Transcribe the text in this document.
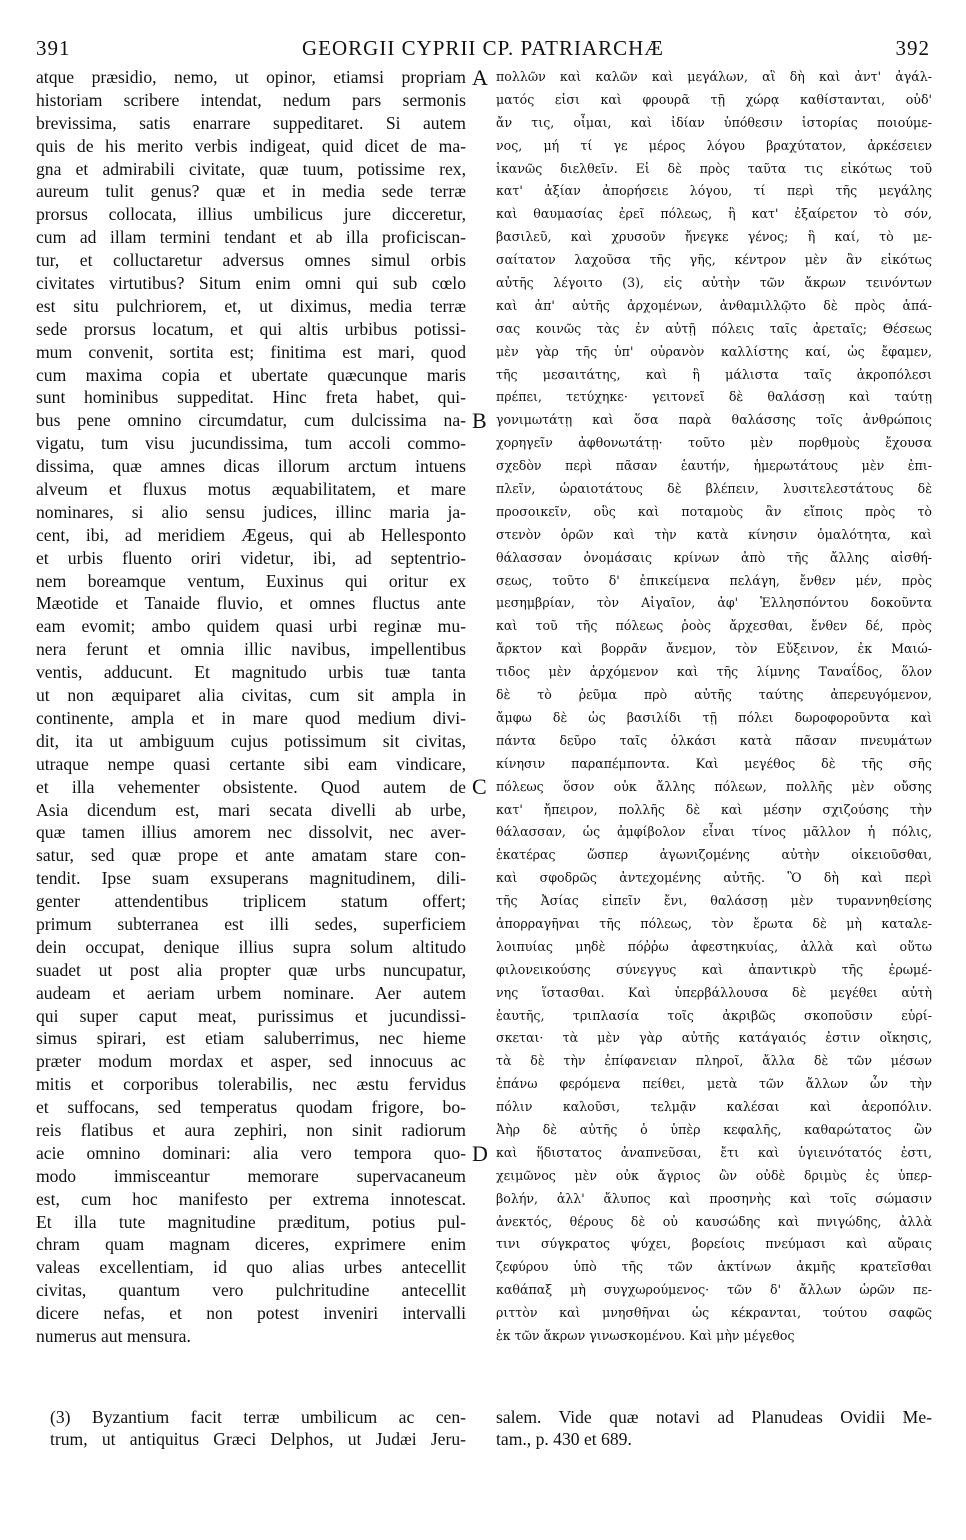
391	GEORGII CYPRII CP. PATRIARCHÆ	392
atque præsidio, nemo, ut opinor, etiamsi propriam
historiam scribere intendat, nedum pars sermonis
brevissima, satis enarrare suppeditaret. Si autem
quis de his merito verbis indigeat, quid dicet de ma-
gna et admirabili civitate, quæ tuum, potissime rex,
aureum tulit genus? quæ et in media sede terræ
prorsus collocata, illius umbilicus jure dicceretur,
cum ad illam termini tendant et ab illa proficiscan-
tur, et colluctaretur adversus omnes simul orbis
civitates virtutibus? Situm enim omni qui sub cœlo
est situ pulchriorem, et, ut diximus, media terræ
sede prorsus locatum, et qui altis urbibus potissi-
mum convenit, sortita est; finitima est mari, quod
cum maxima copia et ubertate quæcunque maris
sunt hominibus suppeditat. Hinc freta habet, qui-
bus pene omnino circumdatur, cum dulcissima na-
vigatu, tum visu jucundissima, tum accoli commo-
dissima, quæ amnes dicas illorum arctum intuens
alveum et fluxus motus æquabilitatem, et mare
nominares, si alio sensu judices, illinc maria ja-
cent, ibi, ad meridiem Ægeus, qui ab Hellesponto
et urbis fluento oriri videtur, ibi, ad septentrio-
nem boreamque ventum, Euxinus qui oritur ex
Mæotide et Tanaide fluvio, et omnes fluctus ante
eam evomit; ambo quidem quasi urbi reginæ mu-
nera ferunt et omnia illic navibus, impellentibus
ventis, adducunt. Et magnitudo urbis tuæ tanta
ut non æquiparet alia civitas, cum sit ampla in
continente, ampla et in mare quod medium divi-
dit, ita ut ambiguum cujus potissimum sit civitas,
utraque nempe quasi certante sibi eam vindicare,
et illa vehementer obsistente. Quod autem de
Asia dicendum est, mari secata divelli ab urbe,
quæ tamen illius amorem nec dissolvit, nec aver-
satur, sed quæ prope et ante amatam stare con-
tendit. Ipse suam exsuperans magnitudinem, dili-
genter attendentibus triplicem statum offert;
primum subterranea est illi sedes, superficiem
dein occupat, denique illius supra solum altitudo
suadet ut post alia propter quæ urbs nuncupatur,
audeam et aeriam urbem nominare. Aer autem
qui super caput meat, purissimus et jucundissi-
simus spirari, est etiam saluberrimus, nec hieme
præter modum mordax et asper, sed innocuus ac
mitis et corporibus tolerabilis, nec æstu fervidus
et suffocans, sed temperatus quodam frigore, bo-
reis flatibus et aura zephiri, non sinit radiorum
acie omnino dominari: alia vero tempora quo-
modo immisceantur memorare supervacaneum
est, cum hoc manifesto per extrema innotescat.
Et illa tute magnitudine præditum, potius pul-
chram quam magnam diceres, exprimere enim
valeas excellentiam, id quo alias urbes antecellit
civitas, quantum vero pulchritudine antecellit
dicere nefas, et non potest inveniri intervalli
numerus aut mensura.
A
B
C
D
πολλῶν καὶ καλῶν καὶ μεγάλων, αἳ δὴ καὶ ἀντ' ἀγάλ-
ματός εἰσι καὶ φρουρᾶ τῇ χώρᾳ καθίστανται, οὐδ'
ἄν τις, οἶμαι, καὶ ἰδίαν ὑπόθεσιν ἱστορίας ποιούμε-
νος, μή τί γε μέρος λόγου βραχύτατον, ἀρκέσειεν
ἱκανῶς διελθεῖν. Εἰ δὲ πρὸς ταῦτα τις εἰκότως τοῦ
κατ' ἀξίαν ἀπορήσειε λόγου, τί περὶ τῆς μεγάλης
καὶ θαυμασίας ἐρεῖ πόλεως, ἣ κατ' ἐξαίρετον τὸ σόν,
βασιλεῦ, καὶ χρυσοῦν ἤνεγκε γένος; ἣ καί, τὸ με-
σαίτατον λαχοῦσα τῆς γῆς, κέντρον μὲν ἂν εἰκότως
αὐτῆς λέγοιτο (3), εἰς αὐτὴν τῶν ἄκρων τεινόντων
καὶ ἀπ' αὐτῆς ἀρχομένων, ἀνθαμιλλῷτο δὲ πρὸς ἁπά-
σας κοινῶς τὰς ἐν αὐτῇ πόλεις ταῖς ἀρεταῖς; Θέσεως
μὲν γὰρ τῆς ὑπ' οὐρανὸν καλλίστης καί, ὡς ἔφαμεν,
τῆς μεσαιτάτης, καὶ ἣ μάλιστα ταῖς ἀκροπόλεσι
πρέπει, τετύχηκε· γειτονεῖ δὲ θαλάσσῃ καὶ ταύτῃ
γονιμωτάτῃ καὶ ὅσα παρὰ θαλάσσης τοῖς ἀνθρώποις
χορηγεῖν ἀφθονωτάτῃ· τοῦτο μὲν πορθμοὺς ἔχουσα
σχεδὸν περὶ πᾶσαν ἑαυτήν, ἡμερωτάτους μὲν ἐπι-
πλεῖν, ὡραιοτάτους δὲ βλέπειν, λυσιτελεστάτους δὲ
προσοικεῖν, οὓς καὶ ποταμοὺς ἂν εἴποις πρὸς τὸ
στενὸν ὁρῶν καὶ τὴν κατὰ κίνησιν ὁμαλότητα, καὶ
θάλασσαν ὀνομάσαις κρίνων ἀπὸ τῆς ἄλλης αἰσθή-
σεως, τοῦτο δ' ἐπικείμενα πελάγη, ἔνθεν μέν, πρὸς
μεσημβρίαν, τὸν Αἰγαῖον, ἀφ' Ἑλλησπόντου δοκοῦντα
καὶ τοῦ τῆς πόλεως ῥοὸς ἄρχεσθαι, ἔνθεν δέ, πρὸς
ἄρκτον καὶ βορρᾶν ἄνεμον, τὸν Εὔξεινον, ἐκ Μαιώ-
τιδος μὲν ἀρχόμενον καὶ τῆς λίμνης Ταναΐδος, ὅλον
δὲ τὸ ῥεῦμα πρὸ αὐτῆς ταύτης ἀπερευγόμενον,
ἄμφω δὲ ὡς βασιλίδι τῇ πόλει δωροφοροῦντα καὶ
πάντα δεῦρο ταῖς ὁλκάσι κατὰ πᾶσαν πνευμάτων
κίνησιν παραπέμποντα. Καὶ μεγέθος δὲ τῆς σῆς
πόλεως ὅσον οὐκ ἄλλης πόλεων, πολλῆς μὲν οὔσης
κατ' ἤπειρον, πολλῆς δὲ καὶ μέσην σχιζούσης τὴν
θάλασσαν, ὡς ἀμφίβολον εἶναι τίνος μᾶλλον ἡ πόλις,
ἑκατέρας ὥσπερ ἀγωνιζομένης αὐτὴν οἰκειοῦσθαι,
καὶ σφοδρῶς ἀντεχομένης αὐτῆς. Ὃ δὴ καὶ περὶ
τῆς Ἀσίας εἰπεῖν ἔνι, θαλάσσῃ μὲν τυραννηθείσης
ἀπορραγῆναι τῆς πόλεως, τὸν ἔρωτα δὲ μὴ καταλε-
λοιπυίας μηδὲ πόῤῥω ἀφεστηκυίας, ἀλλὰ καὶ οὕτω
φιλονεικούσης σύνεγγυς καὶ ἀπαντικρὺ τῆς ἐρωμέ-
νης ἵστασθαι. Καὶ ὑπερβάλλουσα δὲ μεγέθει αὐτὴ
ἑαυτῆς, τριπλασία τοῖς ἀκριβῶς σκοποῦσιν εὑρί-
σκεται· τὰ μὲν γὰρ αὐτῆς κατάγαιός ἐστιν οἴκησις,
τὰ δὲ τὴν ἐπίφανειαν πληροῖ, ἄλλα δὲ τῶν μέσων
ἐπάνω φερόμενα πείθει, μετὰ τῶν ἄλλων ὧν τὴν
πόλιν καλοῦσι, τελμᾷν καλέσαι καὶ ἀεροπόλιν.
Ἀὴρ δὲ αὐτῆς ὁ ὑπὲρ κεφαλῆς, καθαρώτατος ὢν
καὶ ἥδιστατος ἀναπνεῦσαι, ἔτι καὶ ὑγιεινότατός ἐστι,
χειμῶνος μὲν οὐκ ἄγριος ὢν οὐδὲ δριμὺς ἐς ὑπερ-
βολήν, ἀλλ' ἄλυπος καὶ προσηνὴς καὶ τοῖς σώμασιν
ἀνεκτός, θέρους δὲ οὐ καυσώδης καὶ πνιγώδης, ἀλλὰ
τινι σύγκρατος ψύχει, βορείοις πνεύμασι καὶ αὔραις
ζεφύρου ὑπὸ τῆς τῶν ἀκτίνων ἀκμῆς κρατεῖσθαι
καθάπαξ μὴ συγχωρούμενος· τῶν δ' ἄλλων ὡρῶν πε-
ριττὸν καὶ μνησθῆναι ὡς κέκρανται, τούτου σαφῶς
ἐκ τῶν ἄκρων γινωσκομένου. Καὶ μὴν μέγεθος
(3) Byzantium facit terræ umbilicum ac cen-
trum, ut antiquitus Græci Delphos, ut Judæi Jeru-
salem. Vide quæ notavi ad Planudeas Ovidii Me-
tam., p. 430 et 689.
